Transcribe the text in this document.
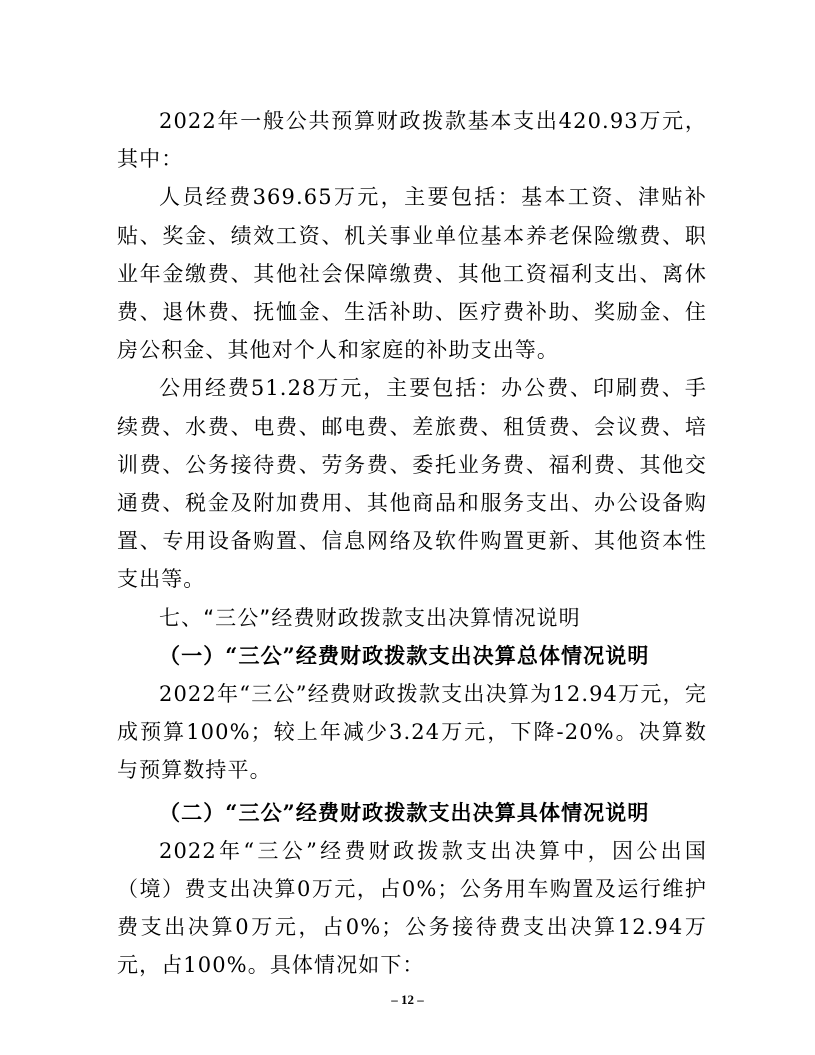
2022年一般公共预算财政拨款基本支出420.93万元，其中：

人员经费369.65万元，主要包括：基本工资、津贴补贴、奖金、绩效工资、机关事业单位基本养老保险缴费、职业年金缴费、其他社会保障缴费、其他工资福利支出、离休费、退休费、抚恤金、生活补助、医疗费补助、奖励金、住房公积金、其他对个人和家庭的补助支出等。

公用经费51.28万元，主要包括：办公费、印刷费、手续费、水费、电费、邮电费、差旅费、租赁费、会议费、培训费、公务接待费、劳务费、委托业务费、福利费、其他交通费、税金及附加费用、其他商品和服务支出、办公设备购置、专用设备购置、信息网络及软件购置更新、其他资本性支出等。

七、“三公”经费财政拨款支出决算情况说明

（一）“三公”经费财政拨款支出决算总体情况说明

2022年“三公”经费财政拨款支出决算为12.94万元，完成预算100%；较上年减少3.24万元，下降-20%。决算数与预算数持平。

（二）“三公”经费财政拨款支出决算具体情况说明

2022年“三公”经费财政拨款支出决算中，因公出国（境）费支出决算0万元，占0%；公务用车购置及运行维护费支出决算0万元，占0%；公务接待费支出决算12.94万元，占100%。具体情况如下：

– 12 –
